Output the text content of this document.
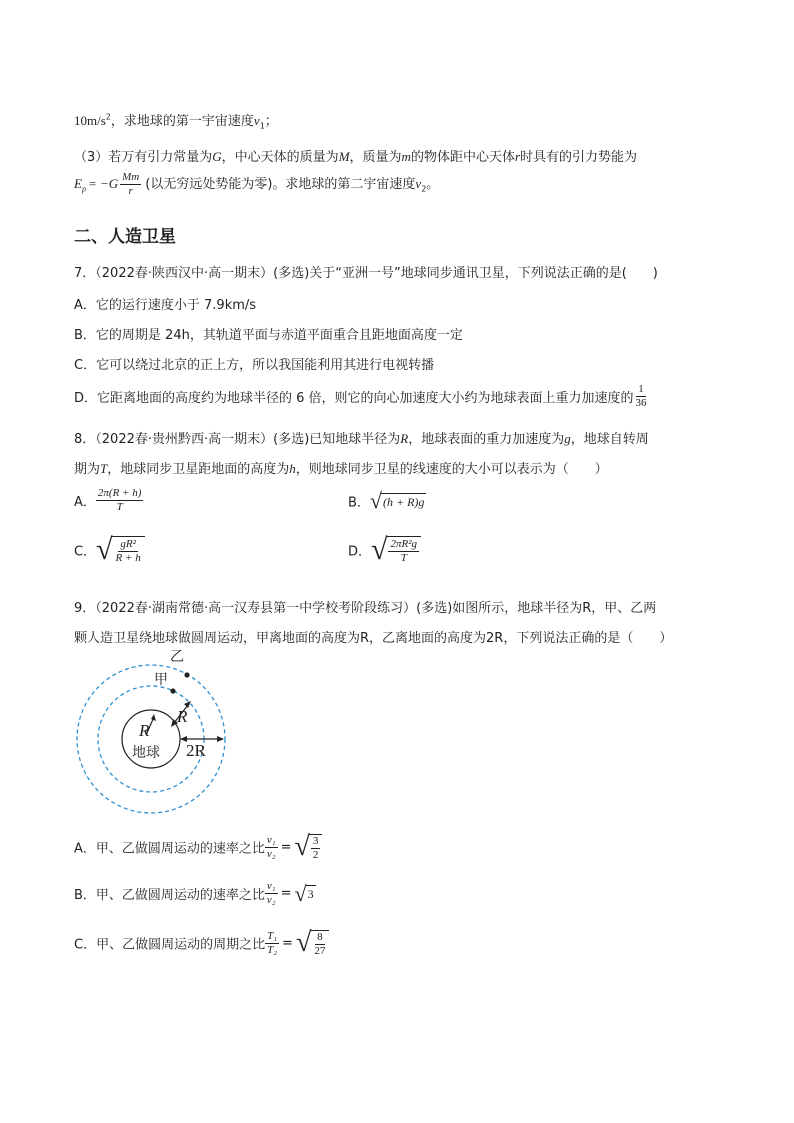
$10m/s^2$，求地球的第一宇宙速度$v_1$；
（3）若万有引力常量为G，中心天体的质量为M，质量为m的物体距中心天体r时具有的引力势能为
$E_p = -G \frac{Mm}{r}$ (以无穷远处势能为零)。求地球的第二宇宙速度$v_2$。
二、人造卫星
7．（2022春·陕西汉中·高一期末）(多选)关于“亚洲一号”地球同步通讯卫星，下列说法正确的是(　　)
A．它的运行速度小于 7.9km/s
B．它的周期是 24h，其轨道平面与赤道平面重合且距地面高度一定
C．它可以绕过北京的正上方，所以我国能利用其进行电视转播
D．它距离地面的高度约为地球半径的 6 倍，则它的向心加速度大小约为地球表面上重力加速度的 $\frac{1}{36}$
8．（2022春·贵州黔西·高一期末）(多选)已知地球半径为R，地球表面的重力加速度为g，地球自转周
期为T，地球同步卫星距地面的高度为h，则地球同步卫星的线速度的大小可以表示为（　　）
A． $\frac{2\pi(R + h)}{T}$	B． √ (h + R)g
C． √ $\frac{\text{gR²}}{R + h}$	D． √ $\frac{\text{2πR²g}}{T}$
9．（2022春·湖南常德·高一汉寿县第一中学校考阶段练习）(多选)如图所示，地球半径为R，甲、乙两
颗人造卫星绕地球做圆周运动，甲离地面的高度为R，乙离地面的高度为2R，下列说法正确的是（　　）
乙
甲
R
R
2R
地球
A．甲、乙做圆周运动的速率之比 $\frac{\text{v₁}}{\text{v₂}}$ = √ $\frac{3}{2}$
B．甲、乙做圆周运动的速率之比 $\frac{\text{v₁}}{\text{v₂}}$ = √ 3
C．甲、乙做圆周运动的周期之比 $\frac{\text{T₁}}{\text{T₂}}$ = √ $\frac{8}{27}$
